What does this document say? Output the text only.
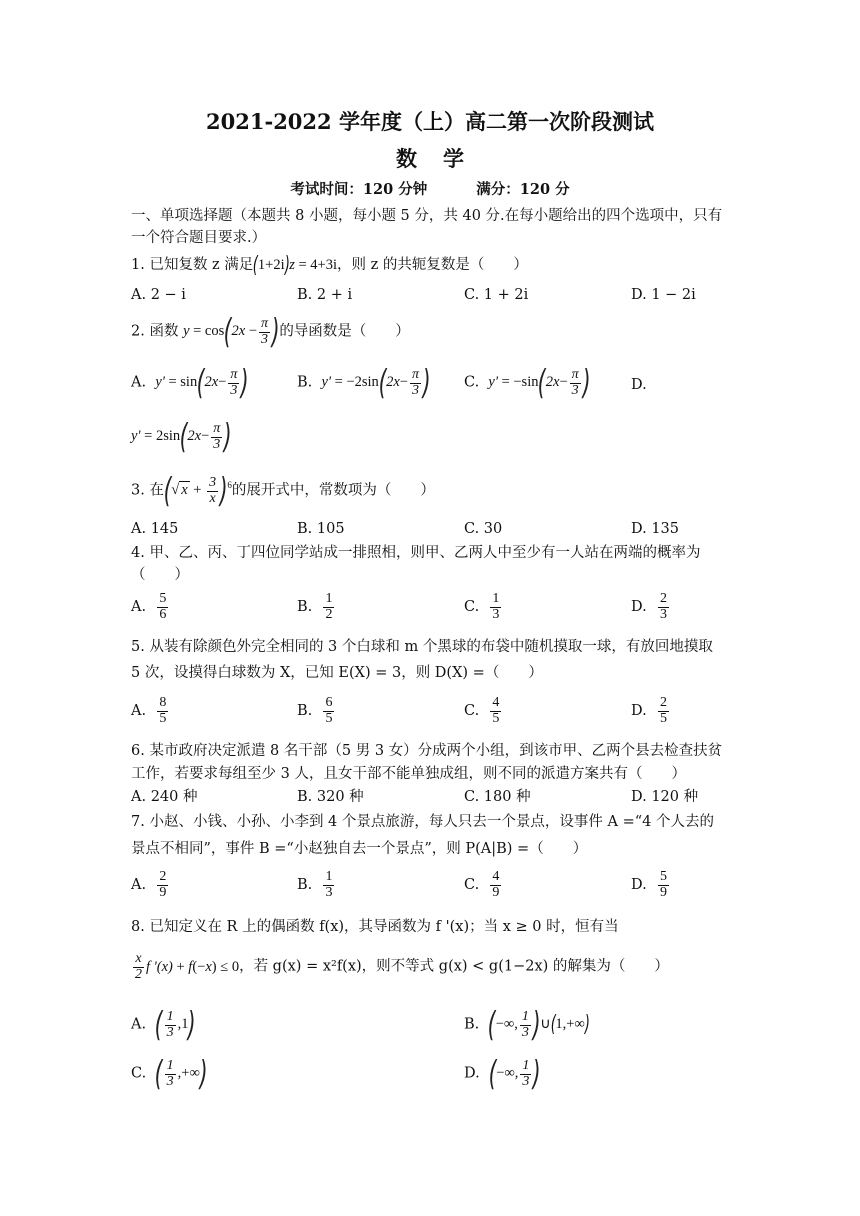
2021-2022 学年度（上）高二第一次阶段测试
数学
考试时间：120 分钟	满分：120 分
一、单项选择题（本题共 8 小题，每小题 5 分，共 40 分.在每小题给出的四个选项中，只有
一个符合题目要求.）
1. 已知复数 z 满足(1+2i)z = 4+3i，则 z 的共轭复数是（　　）
A. 2 − i	B. 2 + i	C. 1 + 2i	D. 1 − 2i
2. 函数 $y = \cos(2x - \frac{\pi}{3}$ )的导函数是（　　）
A.  $y' = \sin(2x- \frac{\pi}{3}$ )	B.  $y' = -2\sin(2x- \frac{\pi}{3}$ ) C.  $y' = -\sin(2x- \frac{\pi}{3}$ )	D.
$y' = 2\sin(2x- \frac{\pi}{3}$ )
3. 在(√ $x + \frac{3}{x} )^6$的展开式中，常数项为（　　）
A. 145	B. 105	C. 30	D. 135
4. 甲、乙、丙、丁四位同学站成一排照相，则甲、乙两人中至少有一人站在两端的概率为
（　　）
A. $\frac{5}{6}$	B. $\frac{1}{2}$	C. $\frac{1}{3}$	D. $\frac{2}{3}$
5. 从装有除颜色外完全相同的 3 个白球和 m 个黑球的布袋中随机摸取一球，有放回地摸取
5 次，设摸得白球数为 X，已知 E(X) = 3，则 D(X) =（　　）
A. $\frac{8}{5}$	B. $\frac{6}{5}$	C. $\frac{4}{5}$	D. $\frac{2}{5}$
6. 某市政府决定派遣 8 名干部（5 男 3 女）分成两个小组，到该市甲、乙两个县去检查扶贫
工作，若要求每组至少 3 人，且女干部不能单独成组，则不同的派遣方案共有（　　）
A. 240 种	B. 320 种	C. 180 种	D. 120 种
7. 小赵、小钱、小孙、小李到 4 个景点旅游，每人只去一个景点，设事件 A =“4 个人去的
景点不相同”，事件 B =“小赵独自去一个景点”，则 P(A|B) =（　　）
A. $\frac{2}{9}$	B. $\frac{1}{3}$	C. $\frac{4}{9}$	D. $\frac{5}{9}$
8. 已知定义在 R 上的偶函数 f(x)，其导函数为 f '(x)；当 x ≥ 0 时，恒有当
$\frac{x}{2}$ f '(x) + f(−x) ≤ 0，若 g(x) = x²f(x)，则不等式 g(x) < g(1−2x) 的解集为（　　）
A.  ( $\frac{1}{3} ,1$)	B.  (−∞, $\frac{1}{3}$ )∪(1,+∞)
C.  ( $\frac{1}{3}$ ,+∞)	D.  (−∞, $\frac{1}{3}$ )
